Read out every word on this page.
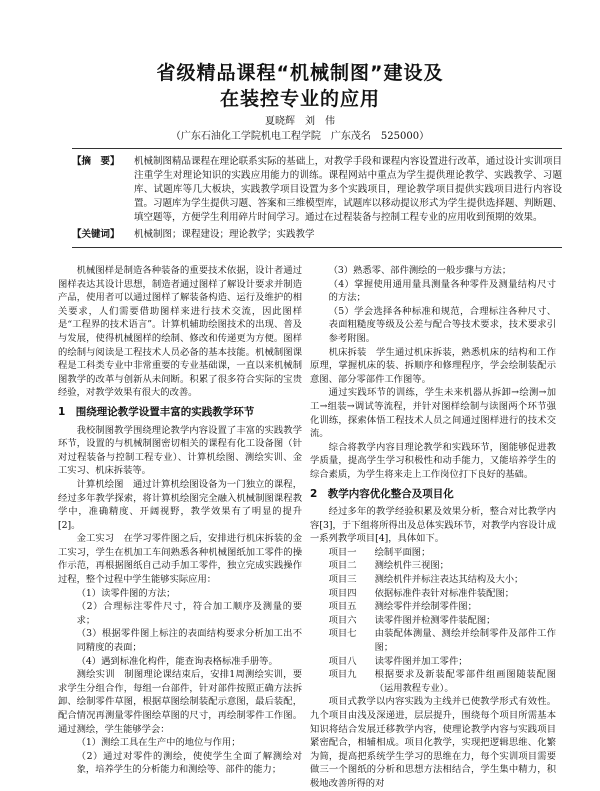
省级精品课程“机械制图”建设及
在装控专业的应用
夏晓辉　刘　伟
（广东石油化工学院机电工程学院　广东茂名　525000）
【摘　要】	机械制图精品课程在理论联系实际的基础上，对教学手段和课程内容设置进行改革，通过设计实训项目注重学生对理论知识的实践应用能力的训练。课程网站中重点为学生提供理论教学、实践教学、习题库、试题库等几大板块，实践教学项目设置为多个实践项目，理论教学项目提供实践项目进行内容设置。习题库为学生提供习题、答案和三维模型库，试题库以移动提议形式为学生提供选择题、判断题、填空题等，方便学生利用碎片时间学习。通过在过程装备与控制工程专业的应用收到预期的效果。
【关键词】	机械制图；课程建设；理论教学；实践教学

机械图样是制造各种装备的重要技术依据，设计者通过图样表达其设计思想，制造者通过图样了解设计要求并制造产品，使用者可以通过图样了解装备构造、运行及维护的相关要求，人们需要借助图样来进行技术交流，因此图样是“工程界的技术语言”。计算机辅助绘图技术的出现、普及与发展，使得机械图样的绘制、修改和传递更为方便。图样的绘制与阅读是工程技术人员必备的基本技能。机械制图课程是工科类专业中非常重要的专业基础课，一直以来机械制图教学的改革与创新从未间断。积累了很多符合实际的宝贵经验，对教学效果有很大的改善。

1　围绕理论教学设置丰富的实践教学环节

我校制图教学围绕理论教学内容设置了丰富的实践教学环节，设置的与机械制图密切相关的课程有化工设备图（针对过程装备与控制工程专业）、计算机绘图、测绘实训、金工实习、机床拆装等。

计算机绘图　通过计算机绘图设备为一门独立的课程，经过多年教学探索，将计算机绘图完全融入机械制图课程教学中，准确精度、开阔视野，教学效果有了明显的提升[2]。

金工实习　在学习零件图之后，安排进行机床拆装的金工实习，学生在机加工车间熟悉各种机械图纸加工零件的操作示范，再根据图纸自己动手加工零件，独立完成实践操作过程，整个过程中学生能够实际应用：

（1）读零件图的方法；
（2）合理标注零件尺寸，符合加工顺序及测量的要求；
（3）根据零件图上标注的表面结构要求分析加工出不同精度的表面；
（4）遇到标准化构件，能查询表格标准手册等。

测绘实训　制图理论课结束后，安排1周测绘实训，要求学生分组合作，每组一台部件，针对部件按照正确方法拆卸、绘制零件草图，根据草图绘制装配示意图，最后装配，配合情况再测量零件图绘草图的尺寸，再绘制零件工作图。通过测绘，学生能够学会：

（1）测绘工具在生产中的地位与作用；
（2）通过对零件的测绘，使使学生全面了解测绘对象，培养学生的分析能力和测绘等、部件的能力；
（3）熟悉零、部件测绘的一般步骤与方法；
（4）掌握使用通用量具测量各种零件及测量结构尺寸的方法；
（5）学会选择各种标准和规范，合理标注各种尺寸、表面粗糙度等级及公差与配合等技术要求，技术要求引参考附图。

机床拆装　学生通过机床拆装，熟悉机床的结构和工作原理，掌握机床的装、拆顺序和修理程序，学会绘制装配示意图、部分零部件工作图等。

通过实践环节的训练，学生未来机器从拆卸→绘测→加工→组装→调试等流程，并针对图样绘制与读图两个环节强化训练，探索体悟工程技术人员之间通过图样进行的技术交流。

综合将教学内容目理论教学和实践环节，图能够促进教学质量，提高学生学习积极性和动手能力，又能培养学生的综合素质，为学生将来走上工作岗位打下良好的基础。

2　教学内容优化整合及项目化

经过多年的教学经验积累及效果分析，整合对比教学内容[3]，于下组将所得出及总体实践环节，对教学内容设计成一系列教学项目[4]，具体如下。

项目一	绘制平面图；
项目二	测绘机件三视图；
项目三	测绘机件并标注表达其结构及大小；
项目四	依据标准件表针对标准件装配图；
项目五	测绘零件并绘制零件图；
项目六	读零件图并检测零件装配图；
项目七	由装配体测量、测绘并绘制零件及部件工作图；
项目八	读零件图并加工零件；
项目九	根据要求及新装配零部件组画图随装配图（运用教程专业）。

项目式教学以内容实践为主线并已使教学形式有效性。九个项目由浅及深递进，层层提升，围绕每个项目所需基本知识将结合发展迁移教学内容，使理论教学内容与实践项目紧密配合，相辅相成。项目化教学，实现把逻辑思维、化繁为简，提高把系统学生学习的思维在力，每个实训项目需要做三一个图纸的分析和思想方法相结合，学生集中精力，积极地改善所得的对
